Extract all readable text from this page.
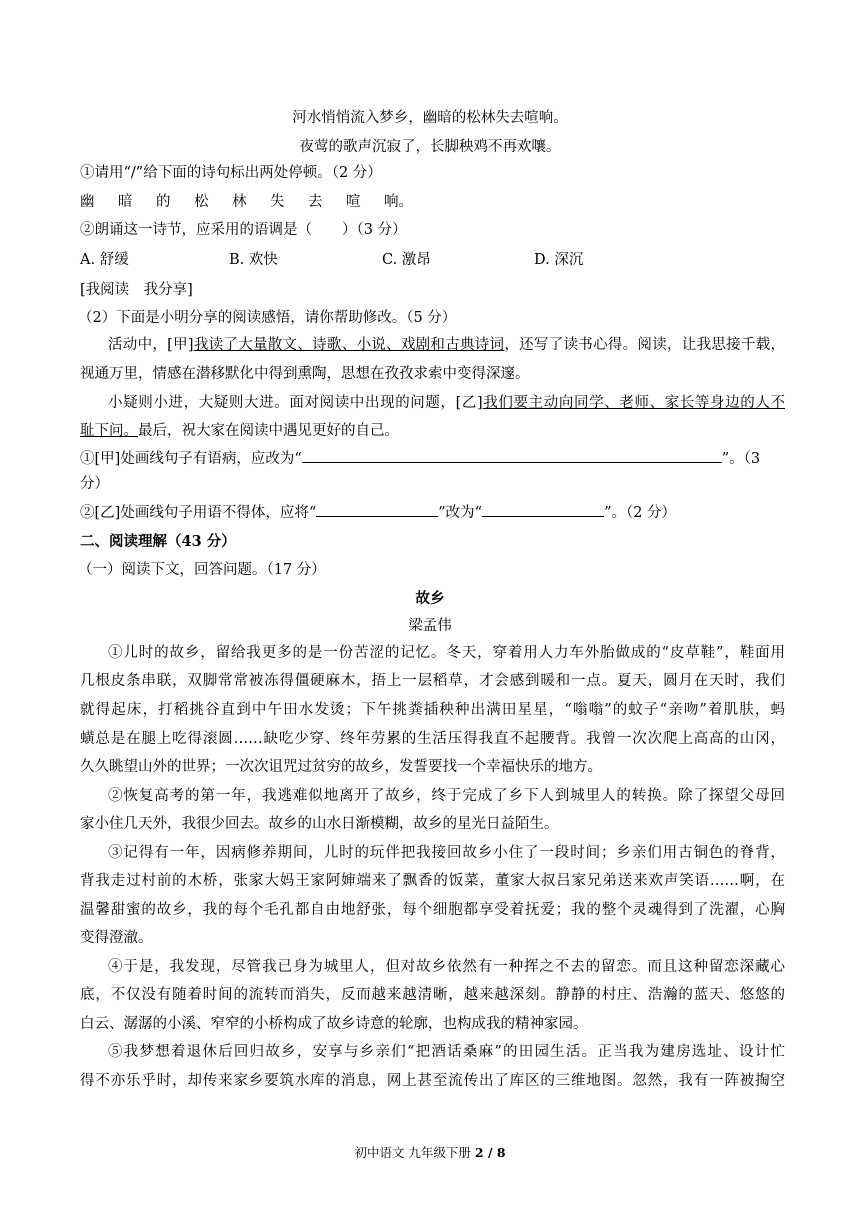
河水悄悄流入梦乡，幽暗的松林失去喧响。
夜莺的歌声沉寂了，长脚秧鸡不再欢嚷。
①请用“/”给下面的诗句标出两处停顿。（2 分）
幽 暗 的 松 林 失 去 喧 响。
②朗诵这一诗节，应采用的语调是（ ）（3 分）
A. 舒缓	B. 欢快	C. 激昂	D. 深沉
[我阅读　我分享]
（2）下面是小明分享的阅读感悟，请你帮助修改。（5 分）
活动中，[甲]我读了大量散文、诗歌、小说、戏剧和古典诗词，还写了读书心得。阅读，让我思接千载，
视通万里，情感在潜移默化中得到熏陶，思想在孜孜求索中变得深邃。
小疑则小进，大疑则大进。面对阅读中出现的问题，[乙]我们要主动向同学、老师、家长等身边的人不
耻下问。最后，祝大家在阅读中遇见更好的自己。
①[甲]处画线句子有语病，应改为“	”。（3
分）
②[乙]处画线句子用语不得体，应将“	”改为“	”。（2 分）
二、阅读理解（43 分）
（一）阅读下文，回答问题。（17 分）
故乡
梁孟伟
①儿时的故乡，留给我更多的是一份苦涩的记忆。冬天，穿着用人力车外胎做成的“皮草鞋”，鞋面用
几根皮条串联，双脚常常被冻得僵硬麻木，捂上一层稻草，才会感到暖和一点。夏天，圆月在天时，我们
就得起床，打稻挑谷直到中午田水发烫；下午挑粪插秧种出满田星星，“嗡嗡”的蚊子“亲吻”着肌肤，蚂
蟥总是在腿上吃得滚圆……缺吃少穿、终年劳累的生活压得我直不起腰背。我曾一次次爬上高高的山冈，
久久眺望山外的世界；一次次诅咒过贫穷的故乡，发誓要找一个幸福快乐的地方。
②恢复高考的第一年，我逃难似地离开了故乡，终于完成了乡下人到城里人的转换。除了探望父母回
家小住几天外，我很少回去。故乡的山水日渐模糊，故乡的星光日益陌生。
③记得有一年，因病修养期间，儿时的玩伴把我接回故乡小住了一段时间；乡亲们用古铜色的脊背，
背我走过村前的木桥，张家大妈王家阿婶端来了飘香的饭菜，董家大叔吕家兄弟送来欢声笑语……啊，在
温馨甜蜜的故乡，我的每个毛孔都自由地舒张，每个细胞都享受着抚爱；我的整个灵魂得到了洗濯，心胸
变得澄澈。
④于是，我发现，尽管我已身为城里人，但对故乡依然有一种挥之不去的留恋。而且这种留恋深藏心
底，不仅没有随着时间的流转而消失，反而越来越清晰，越来越深刻。静静的村庄、浩瀚的蓝天、悠悠的
白云、潺潺的小溪、窄窄的小桥构成了故乡诗意的轮廓，也构成我的精神家园。
⑤我梦想着退休后回归故乡，安享与乡亲们“把酒话桑麻”的田园生活。正当我为建房选址、设计忙
得不亦乐乎时，却传来家乡要筑水库的消息，网上甚至流传出了库区的三维地图。忽然，我有一阵被掏空
初中语文 九年级下册 2 / 8
